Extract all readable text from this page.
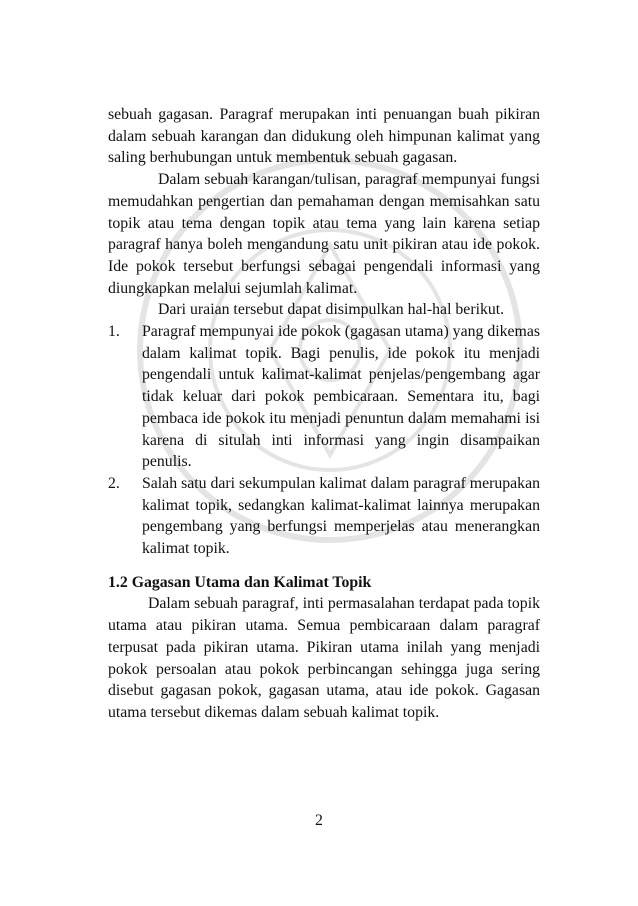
sebuah gagasan. Paragraf merupakan inti penuangan buah pikiran dalam sebuah karangan dan didukung oleh himpunan kalimat yang saling berhubungan untuk membentuk sebuah gagasan.

Dalam sebuah karangan/tulisan, paragraf mempunyai fungsi memudahkan pengertian dan pemahaman dengan memisahkan satu topik atau tema dengan topik atau tema yang lain karena setiap paragraf hanya boleh mengandung satu unit pikiran atau ide pokok. Ide pokok tersebut berfungsi sebagai pengendali informasi yang diungkapkan melalui sejumlah kalimat.

Dari uraian tersebut dapat disimpulkan hal-hal berikut.

1. Paragraf mempunyai ide pokok (gagasan utama) yang dikemas dalam kalimat topik. Bagi penulis, ide pokok itu menjadi pengendali untuk kalimat-kalimat penjelas/pengembang agar tidak keluar dari pokok pembicaraan. Sementara itu, bagi pembaca ide pokok itu menjadi penuntun dalam memahami isi karena di situlah inti informasi yang ingin disampaikan penulis.
2. Salah satu dari sekumpulan kalimat dalam paragraf merupakan kalimat topik, sedangkan kalimat-kalimat lainnya merupakan pengembang yang berfungsi memperjelas atau menerangkan kalimat topik.
1.2 Gagasan Utama dan Kalimat Topik

Dalam sebuah paragraf, inti permasalahan terdapat pada topik utama atau pikiran utama. Semua pembicaraan dalam paragraf terpusat pada pikiran utama. Pikiran utama inilah yang menjadi pokok persoalan atau pokok perbincangan sehingga juga sering disebut gagasan pokok, gagasan utama, atau ide pokok. Gagasan utama tersebut dikemas dalam sebuah kalimat topik.

2
